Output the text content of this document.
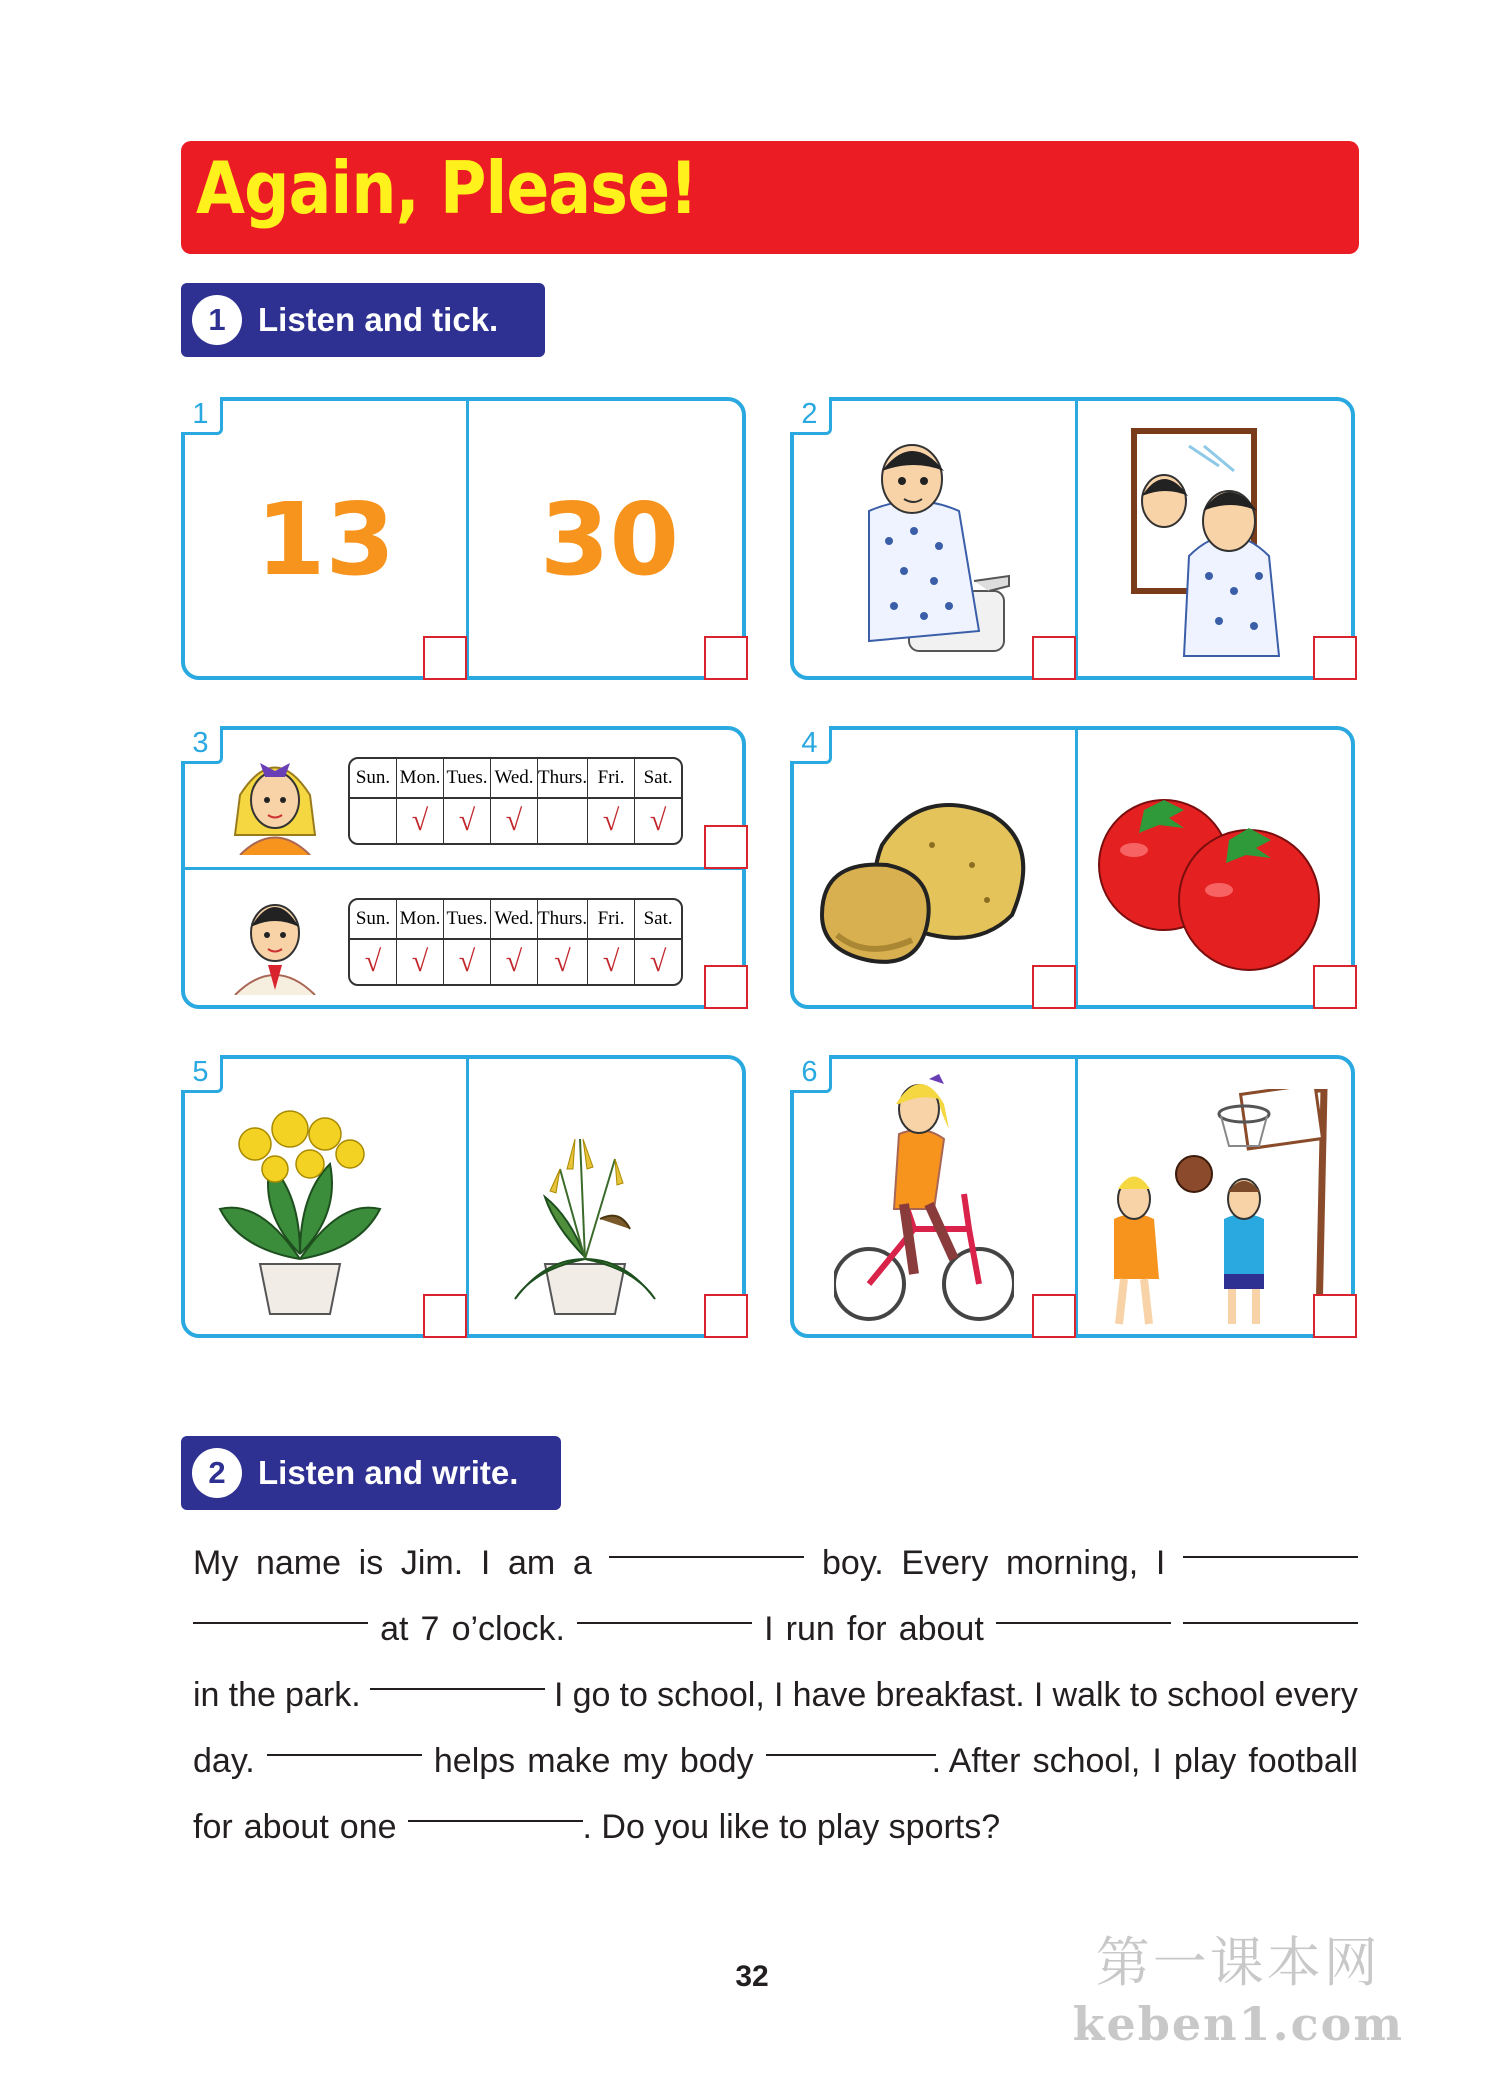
Again, Please!
1 Listen and tick.
1
13	30
2
3
Sun.	Mon.	Tues.	Wed.	Thurs.	Fri.	Sat.
	√	√	√		√	√
Sun.	Mon.	Tues.	Wed.	Thurs.	Fri.	Sat.
√	√	√	√	√	√	√
4
5	6
2 Listen and write.
My name is Jim. I am a	boy. Every morning, I
at 7 o’clock.	I run for about
in the park.	I go to school, I have breakfast. I walk to school every
day.	helps make my body	. After school, I play football
for about one	. Do you like to play sports?
32	第一课本网
keben1.com
